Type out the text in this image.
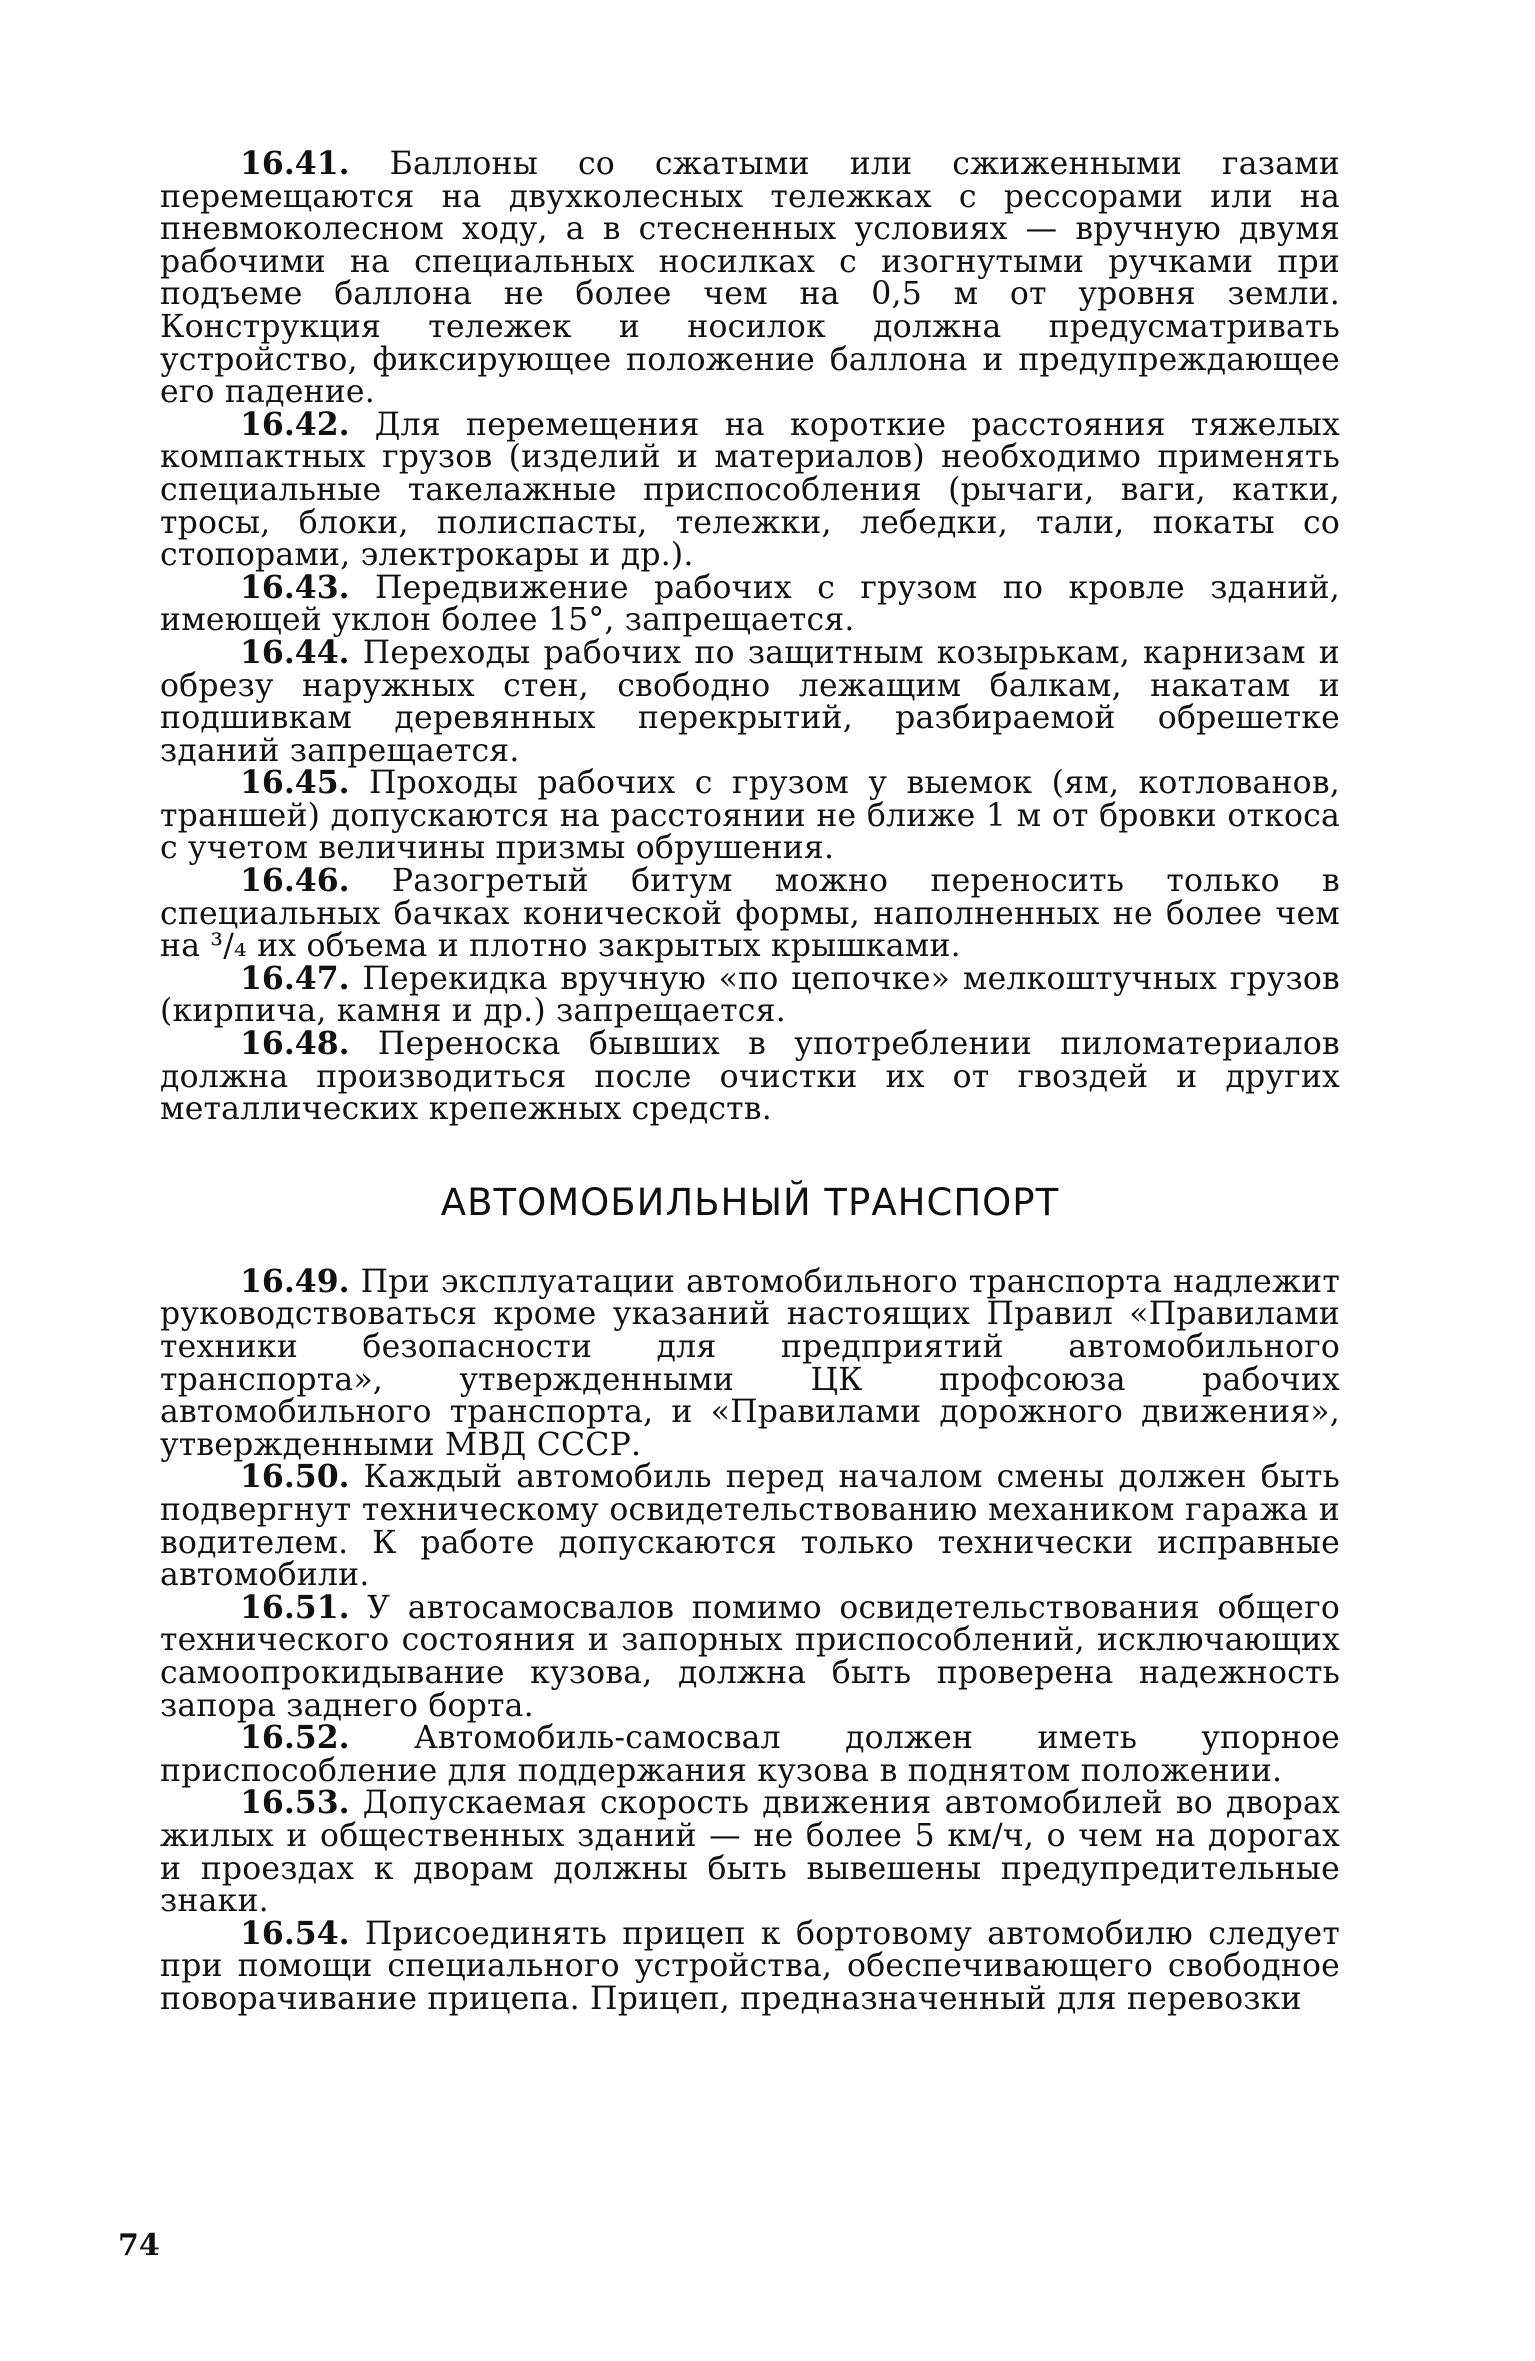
16.41. Баллоны со сжатыми или сжиженными газами перемещаются на двухколесных тележках с рессорами или на пневмоколесном ходу, а в стесненных условиях — вручную двумя рабочими на специальных носилках с изогнутыми ручками при подъеме баллона не более чем на 0,5 м от уровня земли. Конструкция тележек и носилок должна предусматривать устройство, фиксирующее положение баллона и предупреждающее его падение.

16.42. Для перемещения на короткие расстояния тяжелых компактных грузов (изделий и материалов) необходимо применять специальные такелажные приспособления (рычаги, ваги, катки, тросы, блоки, полиспасты, тележки, лебедки, тали, покаты со стопорами, электрокары и др.).

16.43. Передвижение рабочих с грузом по кровле зданий, имеющей уклон более 15°, запрещается.

16.44. Переходы рабочих по защитным козырькам, карнизам и обрезу наружных стен, свободно лежащим балкам, накатам и подшивкам деревянных перекрытий, разбираемой обрешетке зданий запрещается.

16.45. Проходы рабочих с грузом у выемок (ям, котлованов, траншей) допускаются на расстоянии не ближе 1 м от бровки откоса с учетом величины призмы обрушения.

16.46. Разогретый битум можно переносить только в специальных бачках конической формы, наполненных не более чем на ³/₄ их объема и плотно закрытых крышками.

16.47. Перекидка вручную «по цепочке» мелкоштучных грузов (кирпича, камня и др.) запрещается.

16.48. Переноска бывших в употреблении пиломатериалов должна производиться после очистки их от гвоздей и других металлических крепежных средств.

АВТОМОБИЛЬНЫЙ ТРАНСПОРТ

16.49. При эксплуатации автомобильного транспорта надлежит руководствоваться кроме указаний настоящих Правил «Правилами техники безопасности для предприятий автомобильного транспорта», утвержденными ЦК профсоюза рабочих автомобильного транспорта, и «Правилами дорожного движения», утвержденными МВД СССР.

16.50. Каждый автомобиль перед началом смены должен быть подвергнут техническому освидетельствованию механиком гаража и водителем. К работе допускаются только технически исправные автомобили.

16.51. У автосамосвалов помимо освидетельствования общего технического состояния и запорных приспособлений, исключающих самоопрокидывание кузова, должна быть проверена надежность запора заднего борта.

16.52. Автомобиль-самосвал должен иметь упорное приспособление для поддержания кузова в поднятом положении.

16.53. Допускаемая скорость движения автомобилей во дворах жилых и общественных зданий — не более 5 км/ч, о чем на дорогах и проездах к дворам должны быть вывешены предупредительные знаки.

16.54. Присоединять прицеп к бортовому автомобилю следует при помощи специального устройства, обеспечивающего свободное поворачивание прицепа. Прицеп, предназначенный для перевозки

74
